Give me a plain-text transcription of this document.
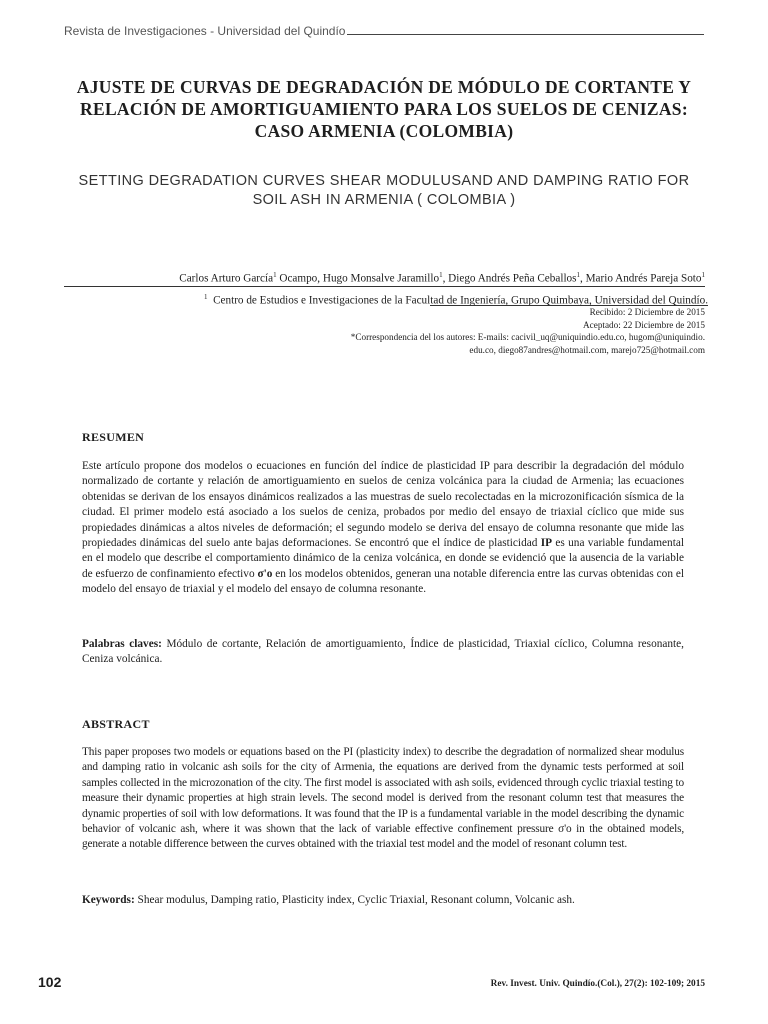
Revista de Investigaciones - Universidad del Quindío
AJUSTE DE CURVAS DE DEGRADACIÓN DE MÓDULO DE CORTANTE Y RELACIÓN DE AMORTIGUAMIENTO PARA LOS SUELOS DE CENIZAS: CASO ARMENIA (COLOMBIA)
SETTING DEGRADATION CURVES SHEAR MODULUSAND AND DAMPING RATIO FOR SOIL ASH IN ARMENIA ( COLOMBIA )
Carlos Arturo García$^1$ Ocampo, Hugo Monsalve Jaramillo$^1$, Diego Andrés Peña Ceballos$^1$, Mario Andrés Pareja Soto$^1$
$^1$ Centro de Estudios e Investigaciones de la Facultad de Ingeniería, Grupo Quimbaya, Universidad del Quindío.
Recibido: 2 Diciembre de 2015
Aceptado: 22 Diciembre de 2015
*Correspondencia del los autores: E-mails: cacivil_uq@uniquindio.edu.co, hugom@uniquindio.
edu.co, diego87andres@hotmail.com, marejo725@hotmail.com
RESUMEN
Este artículo propone dos modelos o ecuaciones en función del índice de plasticidad IP para describir la degradación del módulo normalizado de cortante y relación de amortiguamiento en suelos de ceniza volcánica para la ciudad de Armenia; las ecuaciones obtenidas se derivan de los ensayos dinámicos realizados a las muestras de suelo recolectadas en la microzonificación sísmica de la ciudad. El primer modelo está asociado a los suelos de ceniza, probados por medio del ensayo de triaxial cíclico que mide sus propiedades dinámicas a altos niveles de deformación; el segundo modelo se deriva del ensayo de columna resonante que mide las propiedades dinámicas del suelo ante bajas deformaciones. Se encontró que el índice de plasticidad IP es una variable fundamental en el modelo que describe el comportamiento dinámico de la ceniza volcánica, en donde se evidenció que la ausencia de la variable de esfuerzo de confinamiento efectivo σ'o en los modelos obtenidos, generan una notable diferencia entre las curvas obtenidas con el modelo del ensayo de triaxial y el modelo del ensayo de columna resonante.
Palabras claves: Módulo de cortante, Relación de amortiguamiento, Índice de plasticidad, Triaxial cíclico, Columna resonante, Ceniza volcánica.
ABSTRACT
This paper proposes two models or equations based on the PI (plasticity index) to describe the degradation of normalized shear modulus and damping ratio in volcanic ash soils for the city of Armenia, the equations are derived from the dynamic tests performed at soil samples collected in the microzonation of the city. The first model is associated with ash soils, evidenced through cyclic triaxial testing to measure their dynamic properties at high strain levels. The second model is derived from the resonant column test that measures the dynamic properties of soil with low deformations. It was found that the IP is a fundamental variable in the model describing the dynamic behavior of volcanic ash, where it was shown that the lack of variable effective confinement pressure σ'o in the obtained models, generate a notable difference between the curves obtained with the triaxial test model and the model of resonant column test.
Keywords: Shear modulus, Damping ratio, Plasticity index, Cyclic Triaxial, Resonant column, Volcanic ash.
102	Rev. Invest. Univ. Quindío.(Col.), 27(2): 102-109; 2015
